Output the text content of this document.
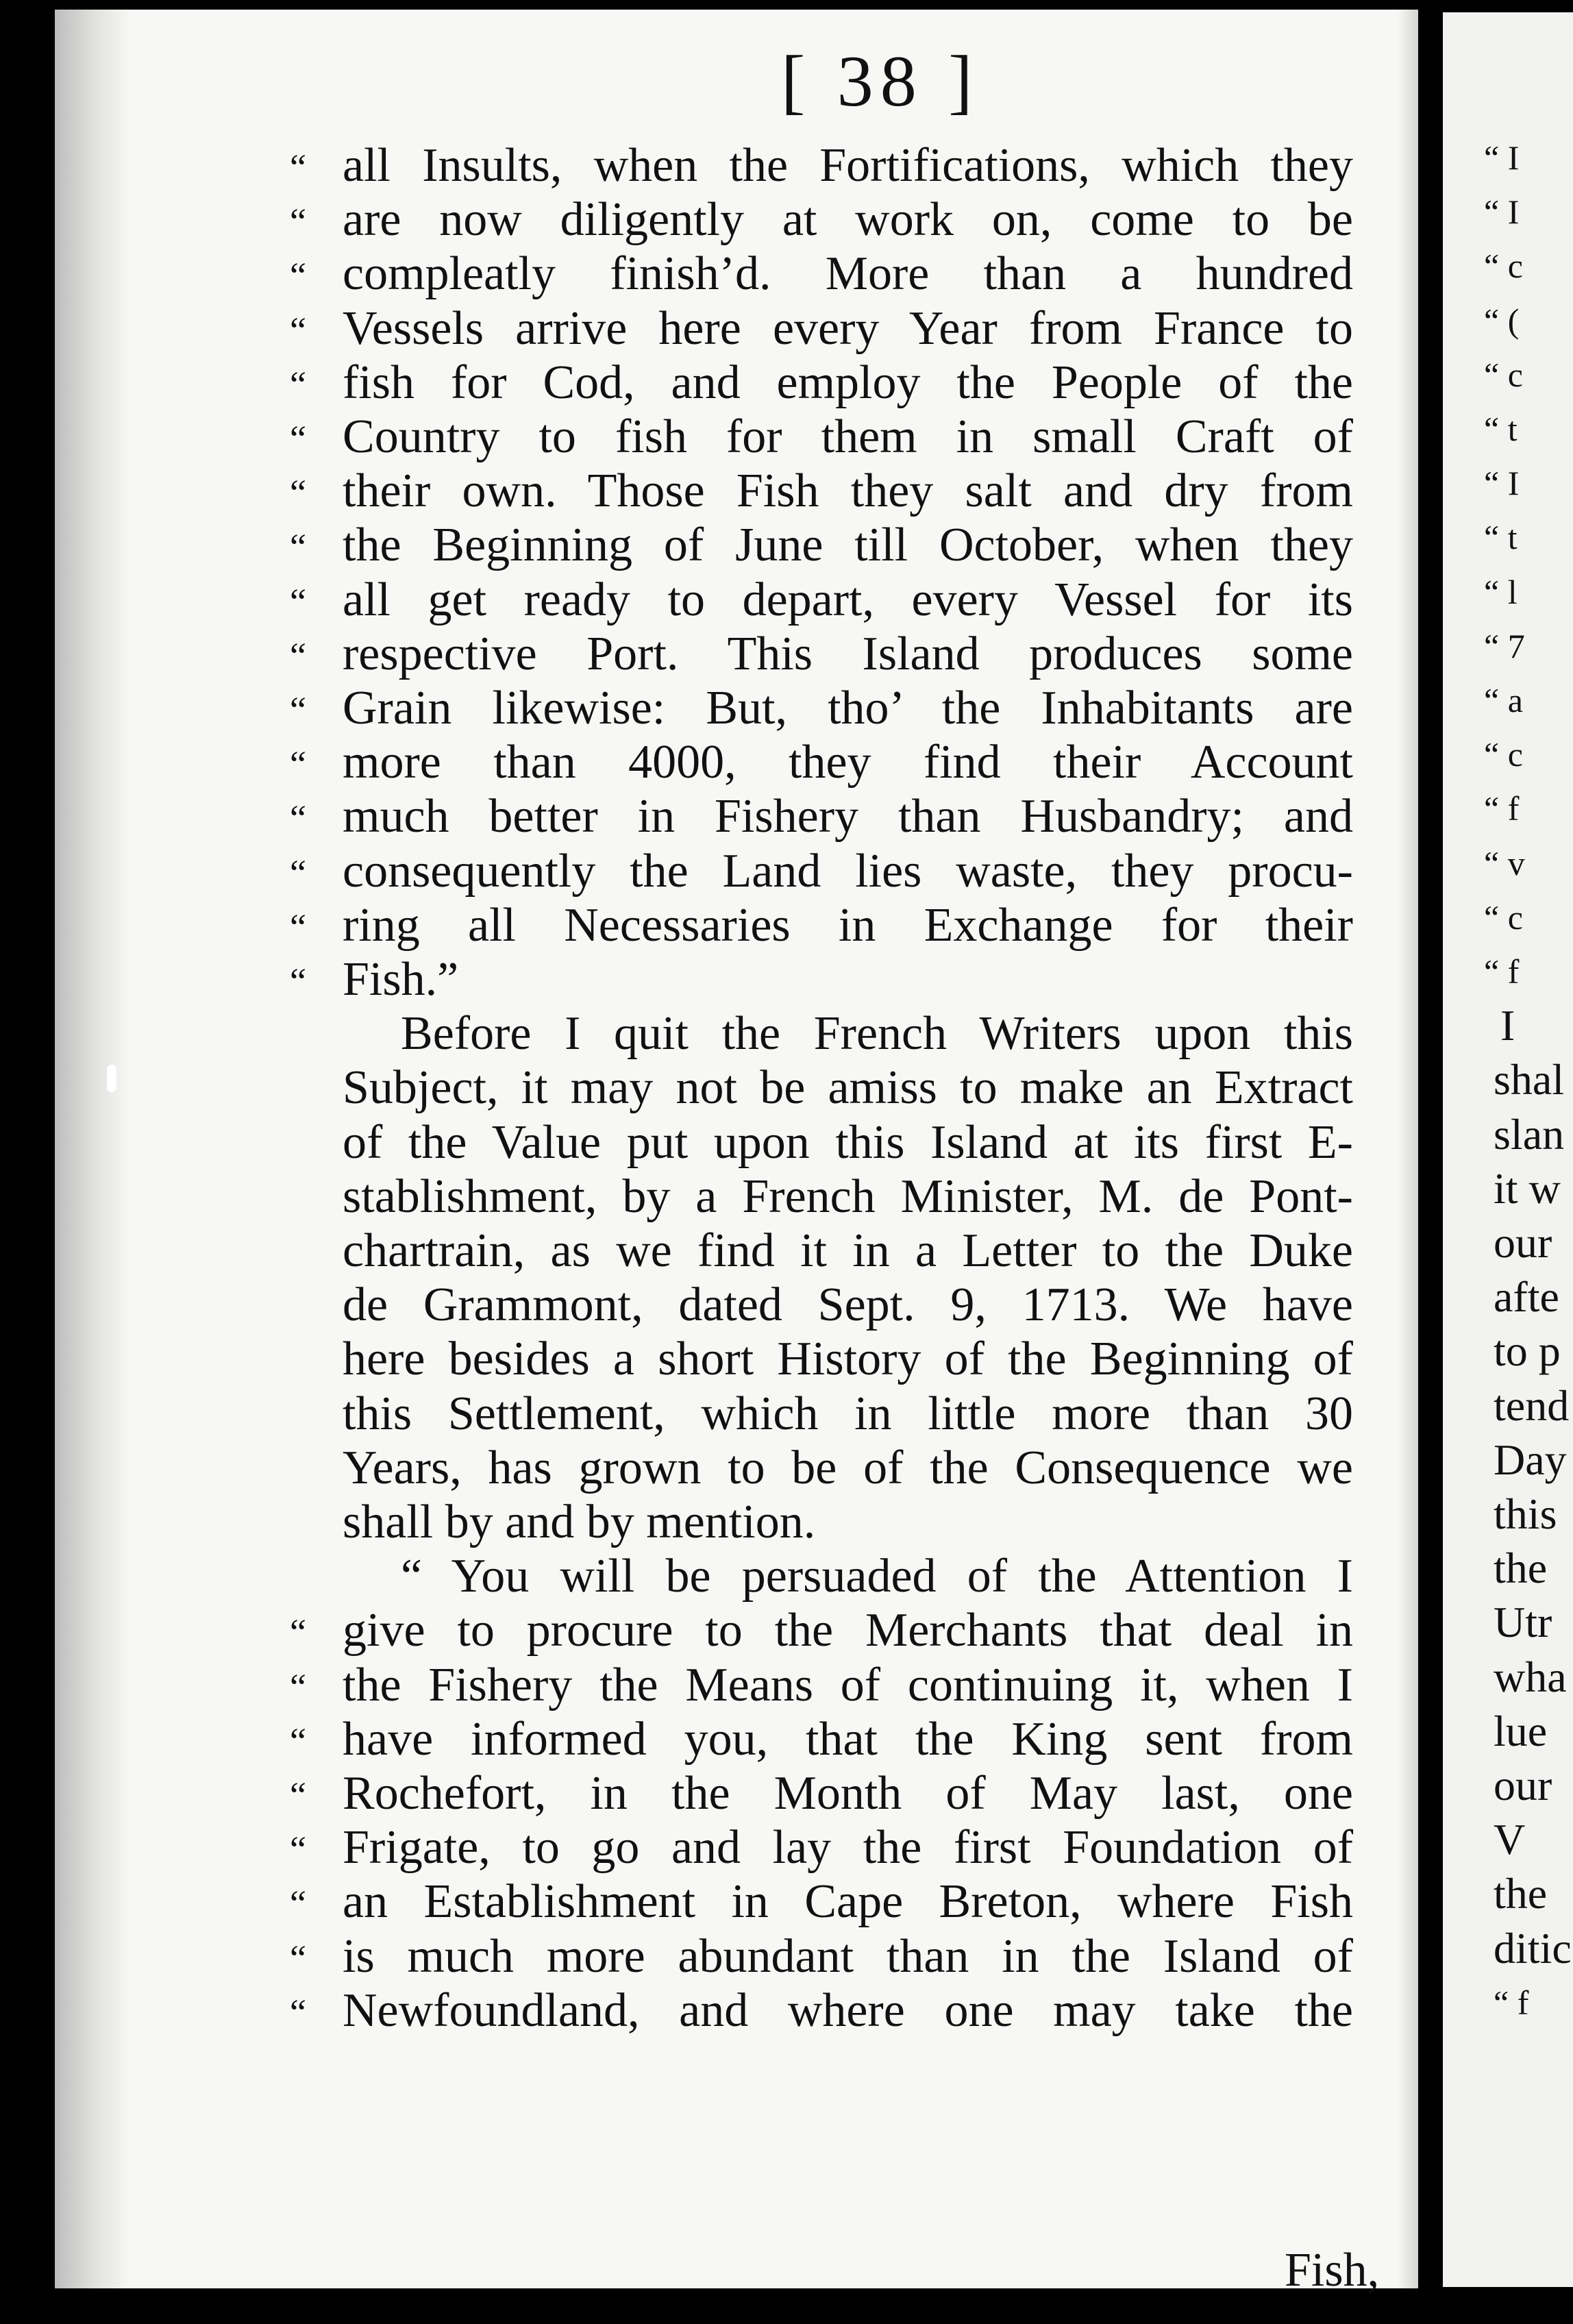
[ 38 ]
“ all Insults, when the Fortifications, which they
“ are now diligently at work on, come to be
“ compleatly finish’d. More than a hundred
“ Vessels arrive here every Year from France to
“ fish for Cod, and employ the People of the
“ Country to fish for them in small Craft of
“ their own. Those Fish they salt and dry from
“ the Beginning of June till October, when they
“ all get ready to depart, every Vessel for its
“ respective Port. This Island produces some
“ Grain likewise: But, tho’ the Inhabitants are
“ more than 4000, they find their Account
“ much better in Fishery than Husbandry; and
“ consequently the Land lies waste, they procu-
“ ring all Necessaries in Exchange for their
“ Fish.”
Before I quit the French Writers upon this
Subject, it may not be amiss to make an Extract
of the Value put upon this Island at its first E-
stablishment, by a French Minister, M. de Pont-
chartrain, as we find it in a Letter to the Duke
de Grammont, dated Sept. 9, 1713. We have
here besides a short History of the Beginning of
this Settlement, which in little more than 30
Years, has grown to be of the Consequence we
shall by and by mention.
“ You will be persuaded of the Attention I
“ give to procure to the Merchants that deal in
“ the Fishery the Means of continuing it, when I
“ have informed you, that the King sent from
“ Rochefort, in the Month of May last, one
“ Frigate, to go and lay the first Foundation of
“ an Establishment in Cape Breton, where Fish
“ is much more abundant than in the Island of
“ Newfoundland, and where one may take the
Fish,
“ I
“ I
“ c
“ (
“ c
“ t
“ I
“ t
“ l
“ 7
“ a
“ c
“ f
“ v
“ c
“ f
I
shal
slan
it w
our
afte
to p
tend
Day
this
the
Utr
wha
lue
our
V
the
ditic
“ f
